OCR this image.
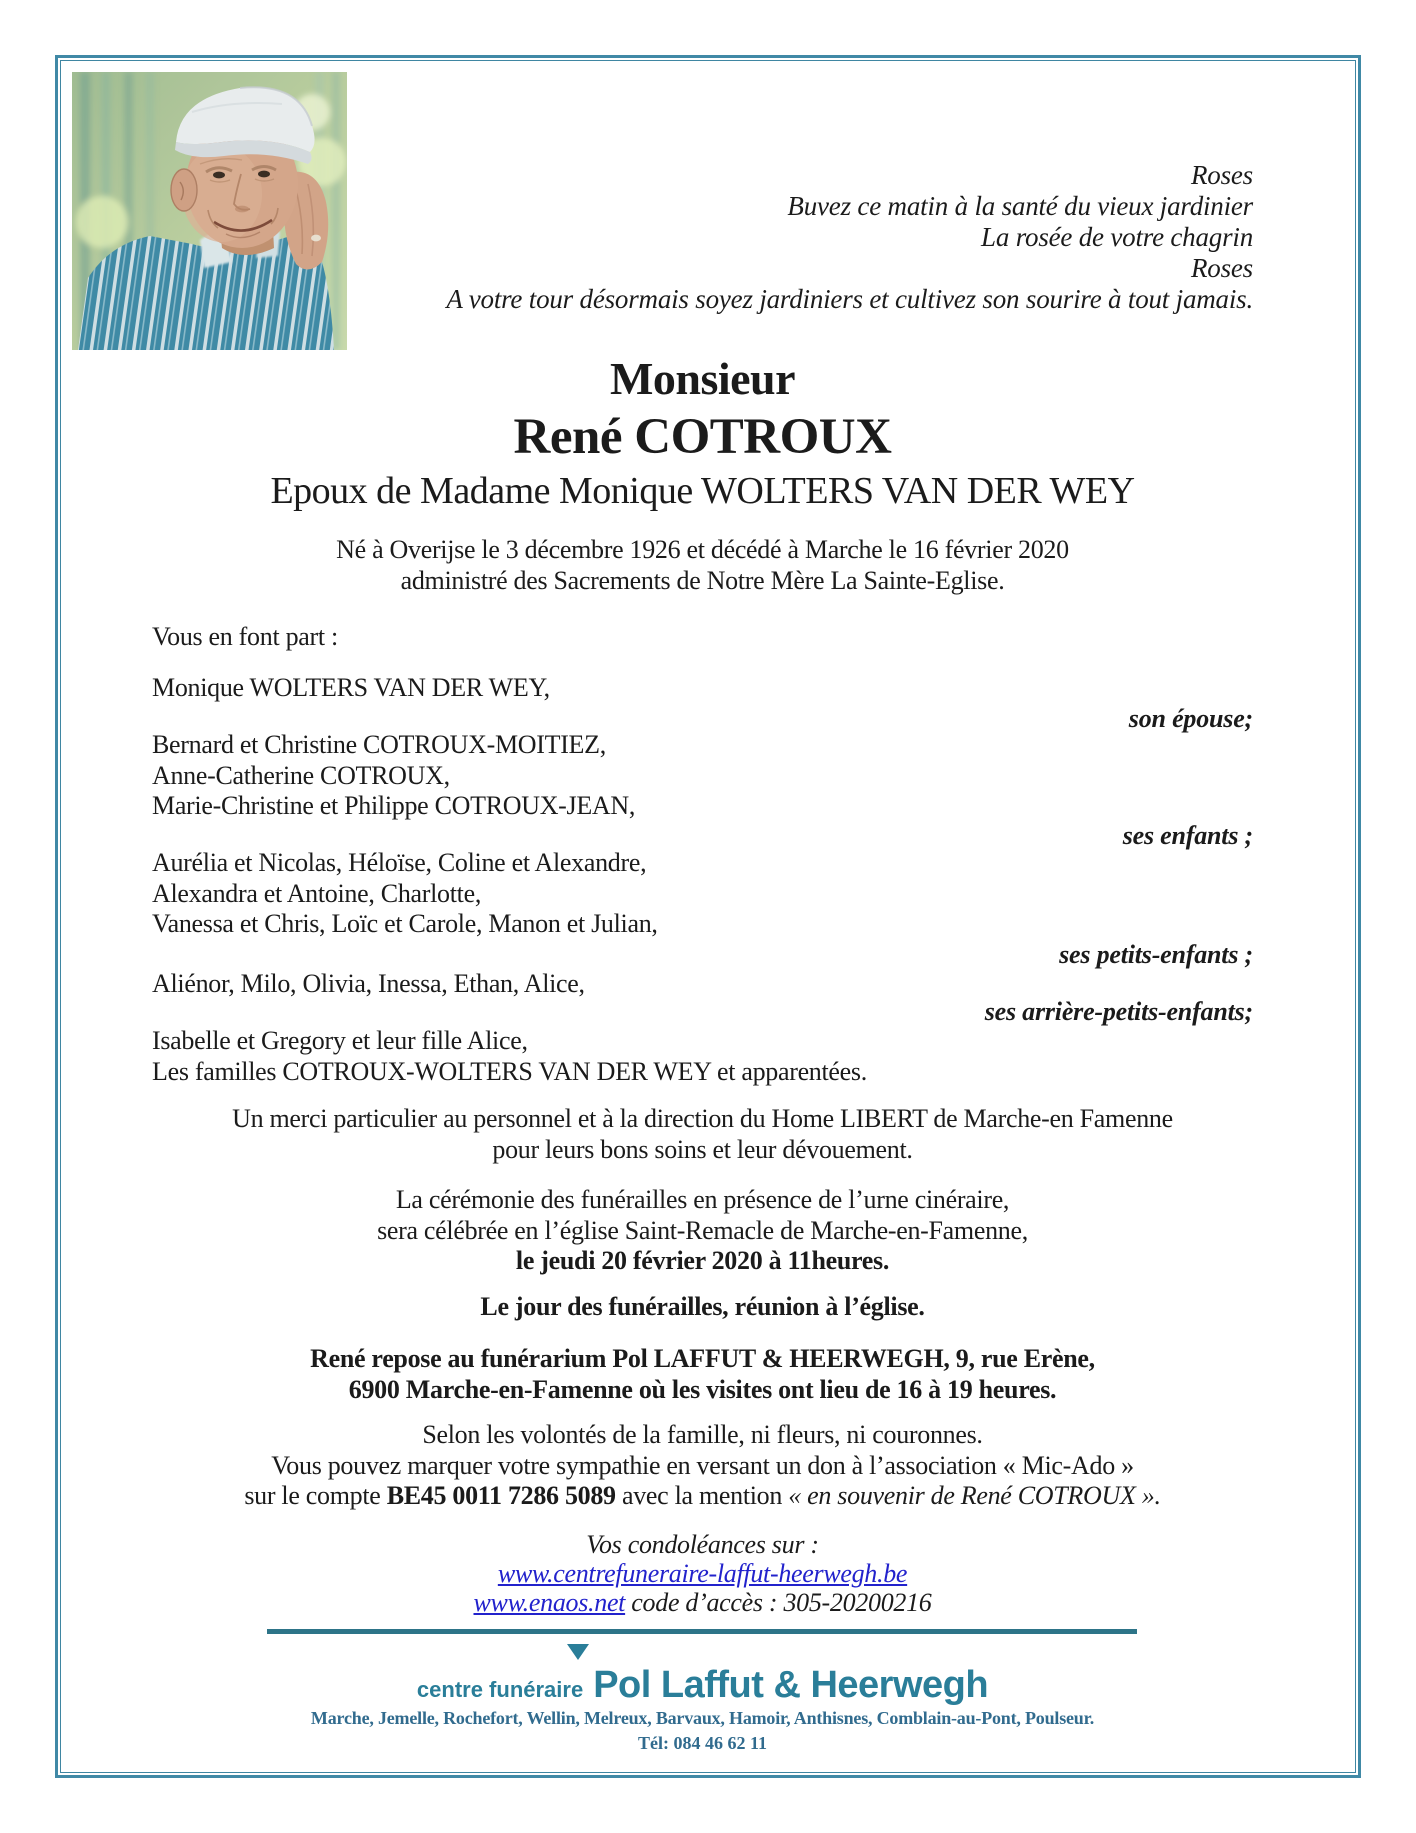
Roses
Buvez ce matin à la santé du vieux jardinier
La rosée de votre chagrin
Roses
A votre tour désormais soyez jardiniers et cultivez son sourire à tout jamais.
Monsieur
René COTROUX
Epoux de Madame Monique WOLTERS VAN DER WEY
Né à Overijse le 3 décembre 1926 et décédé à Marche le 16 février 2020
administré des Sacrements de Notre Mère La Sainte-Eglise.
Vous en font part :
Monique WOLTERS VAN DER WEY,
son épouse;
Bernard et Christine COTROUX-MOITIEZ,
Anne-Catherine COTROUX,
Marie-Christine et Philippe COTROUX-JEAN,
ses enfants ;
Aurélia et Nicolas, Héloïse, Coline et Alexandre,
Alexandra et Antoine, Charlotte,
Vanessa et Chris, Loïc et Carole, Manon et Julian,
ses petits-enfants ;
Aliénor, Milo, Olivia, Inessa, Ethan, Alice,
ses arrière-petits-enfants;
Isabelle et Gregory et leur fille Alice,
Les familles COTROUX-WOLTERS VAN DER WEY et apparentées.
Un merci particulier au personnel et à la direction du Home LIBERT de Marche-en Famenne
pour leurs bons soins et leur dévouement.
La cérémonie des funérailles en présence de l’urne cinéraire,
sera célébrée en l’église Saint-Remacle de Marche-en-Famenne,
le jeudi 20 février 2020 à 11heures.
Le jour des funérailles, réunion à l’église.
René repose au funérarium Pol LAFFUT & HEERWEGH, 9, rue Erène,
6900 Marche-en-Famenne où les visites ont lieu de 16 à 19 heures.
Selon les volontés de la famille, ni fleurs, ni couronnes.
Vous pouvez marquer votre sympathie en versant un don à l’association « Mic-Ado »
sur le compte BE45 0011 7286 5089 avec la mention « en souvenir de René COTROUX ».
Vos condoléances sur :
www.centrefuneraire-laffut-heerwegh.be
www.enaos.net code d’accès : 305-20200216
centre funéraire Pol Laffut & Heerwegh
Marche, Jemelle, Rochefort, Wellin, Melreux, Barvaux, Hamoir, Anthisnes, Comblain-au-Pont, Poulseur.
Tél: 084 46 62 11
